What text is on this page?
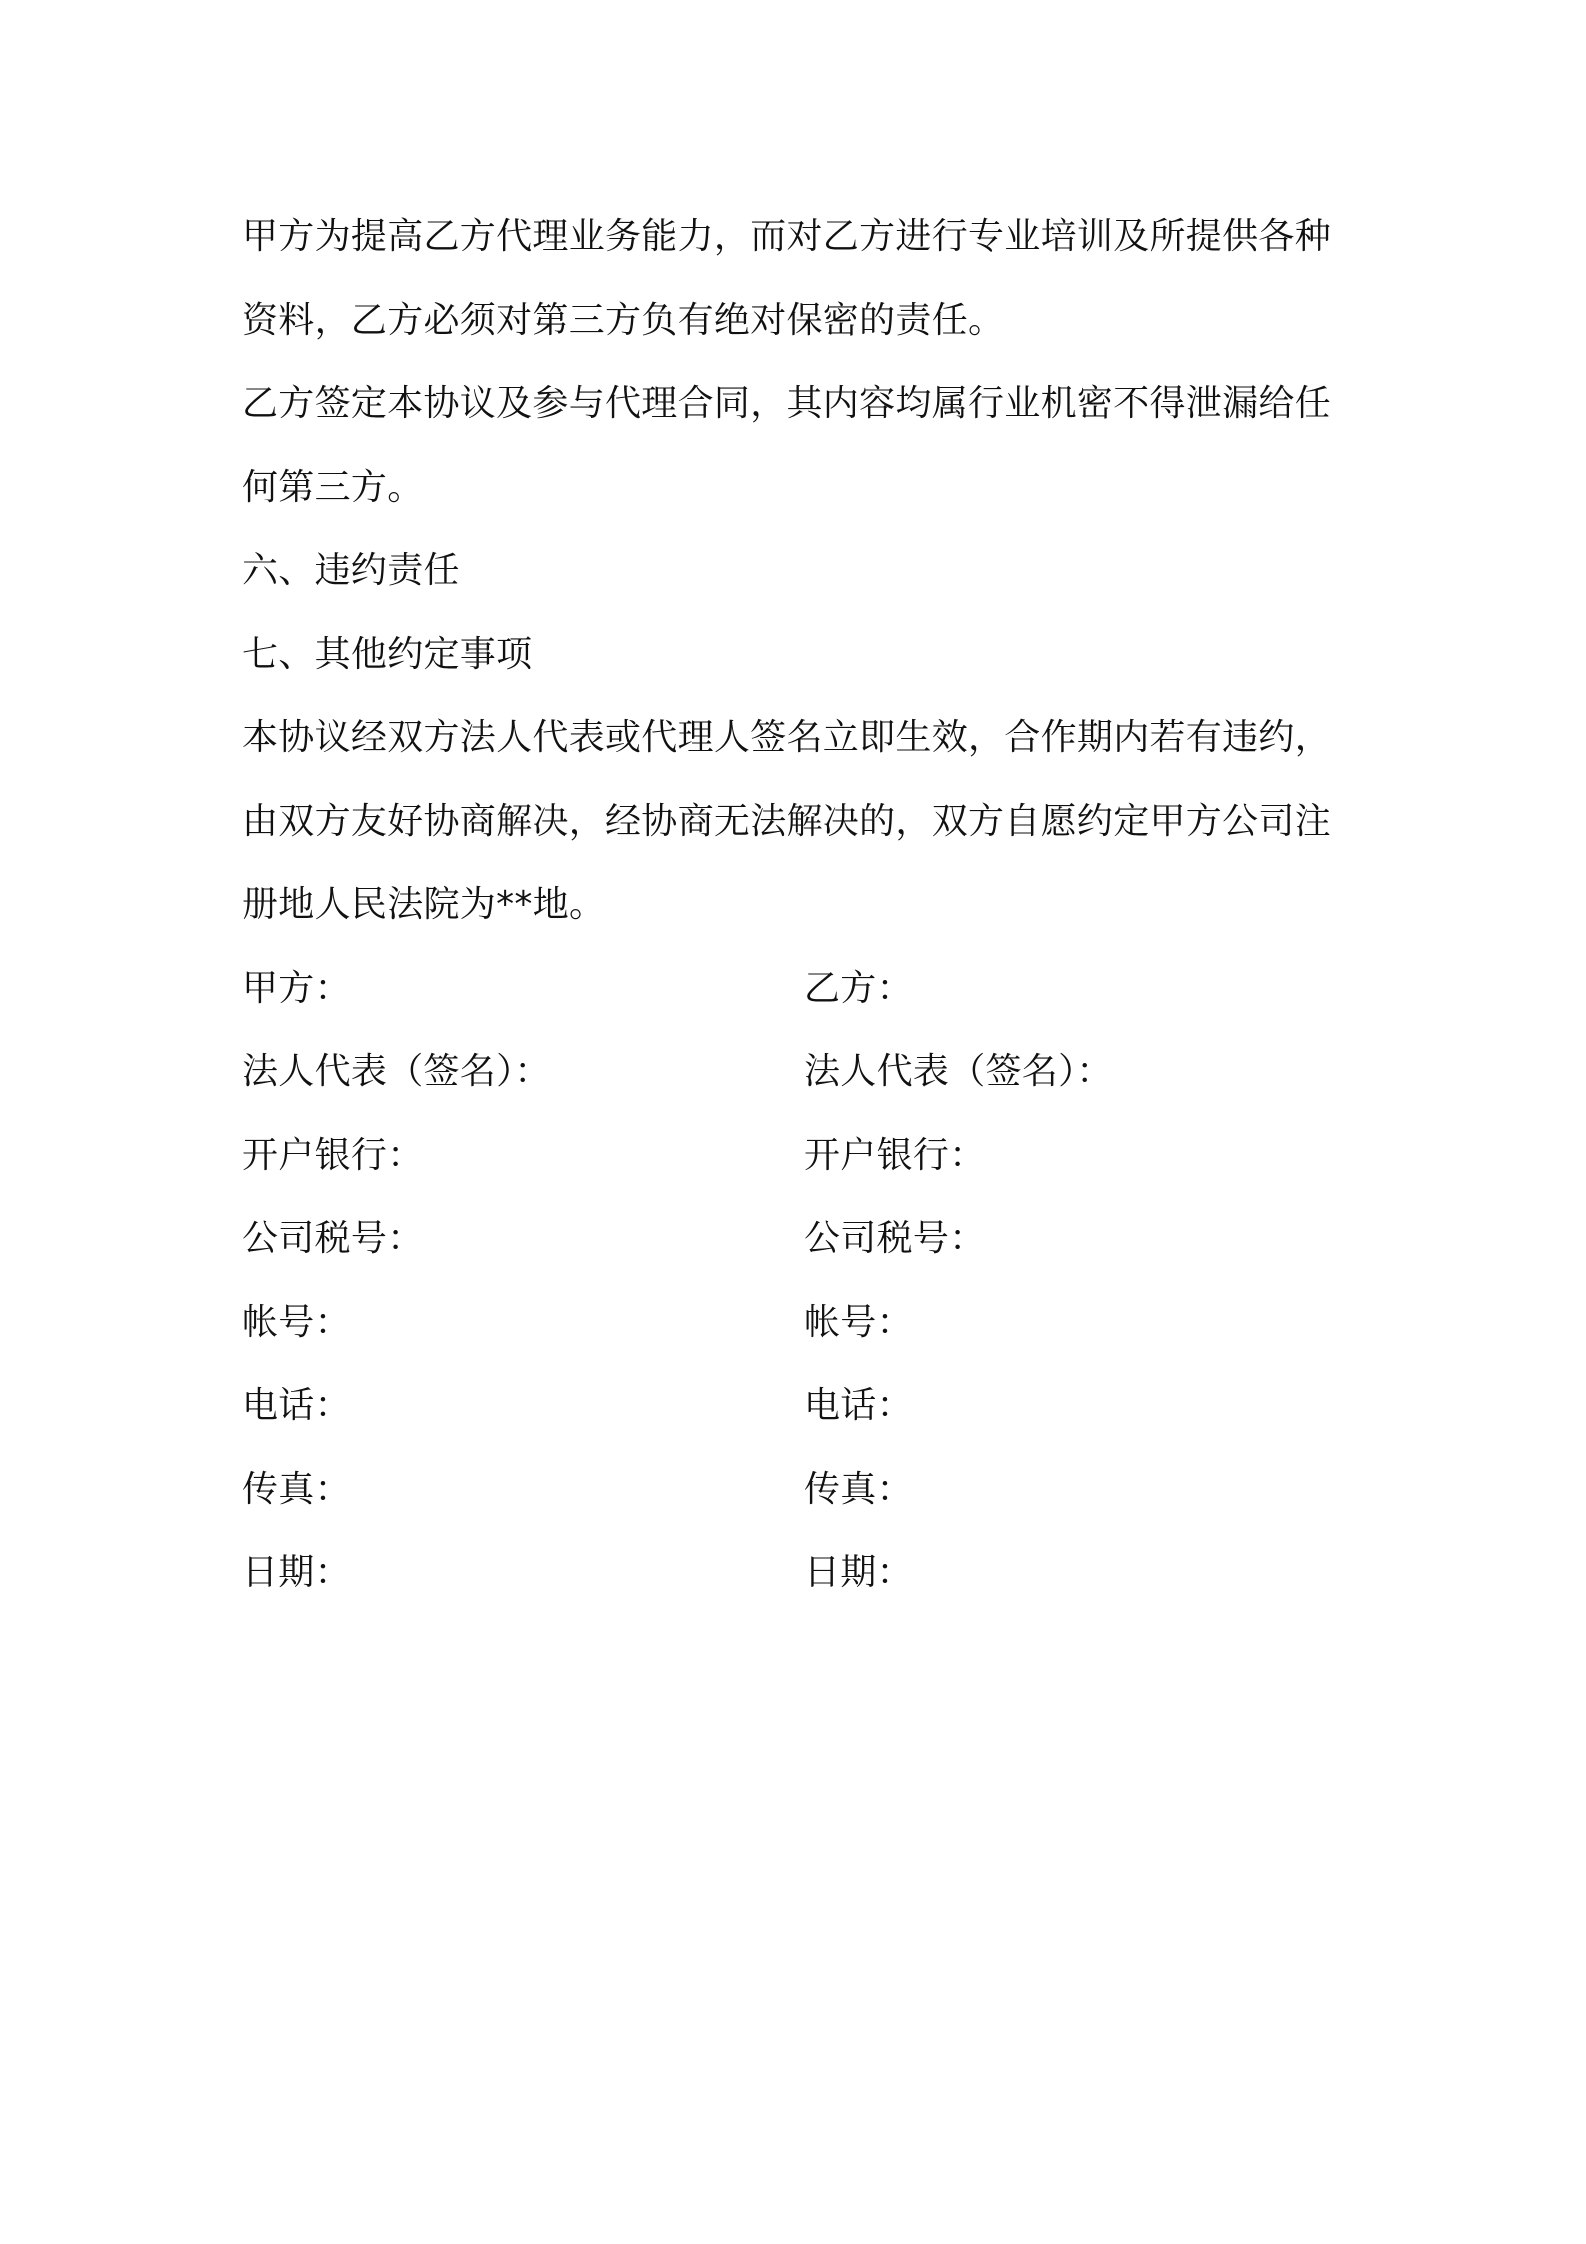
甲方为提高乙方代理业务能力，而对乙方进行专业培训及所提供各种
资料，乙方必须对第三方负有绝对保密的责任。
乙方签定本协议及参与代理合同，其内容均属行业机密不得泄漏给任
何第三方。
六、违约责任
七、其他约定事项
本协议经双方法人代表或代理人签名立即生效，合作期内若有违约，
由双方友好协商解决，经协商无法解决的，双方自愿约定甲方公司注
册地人民法院为**地。
甲方：
法人代表（签名）：
开户银行：
公司税号：
帐号：
电话：
传真：
日期：
乙方：
法人代表（签名）：
开户银行：
公司税号：
帐号：
电话：
传真：
日期：
